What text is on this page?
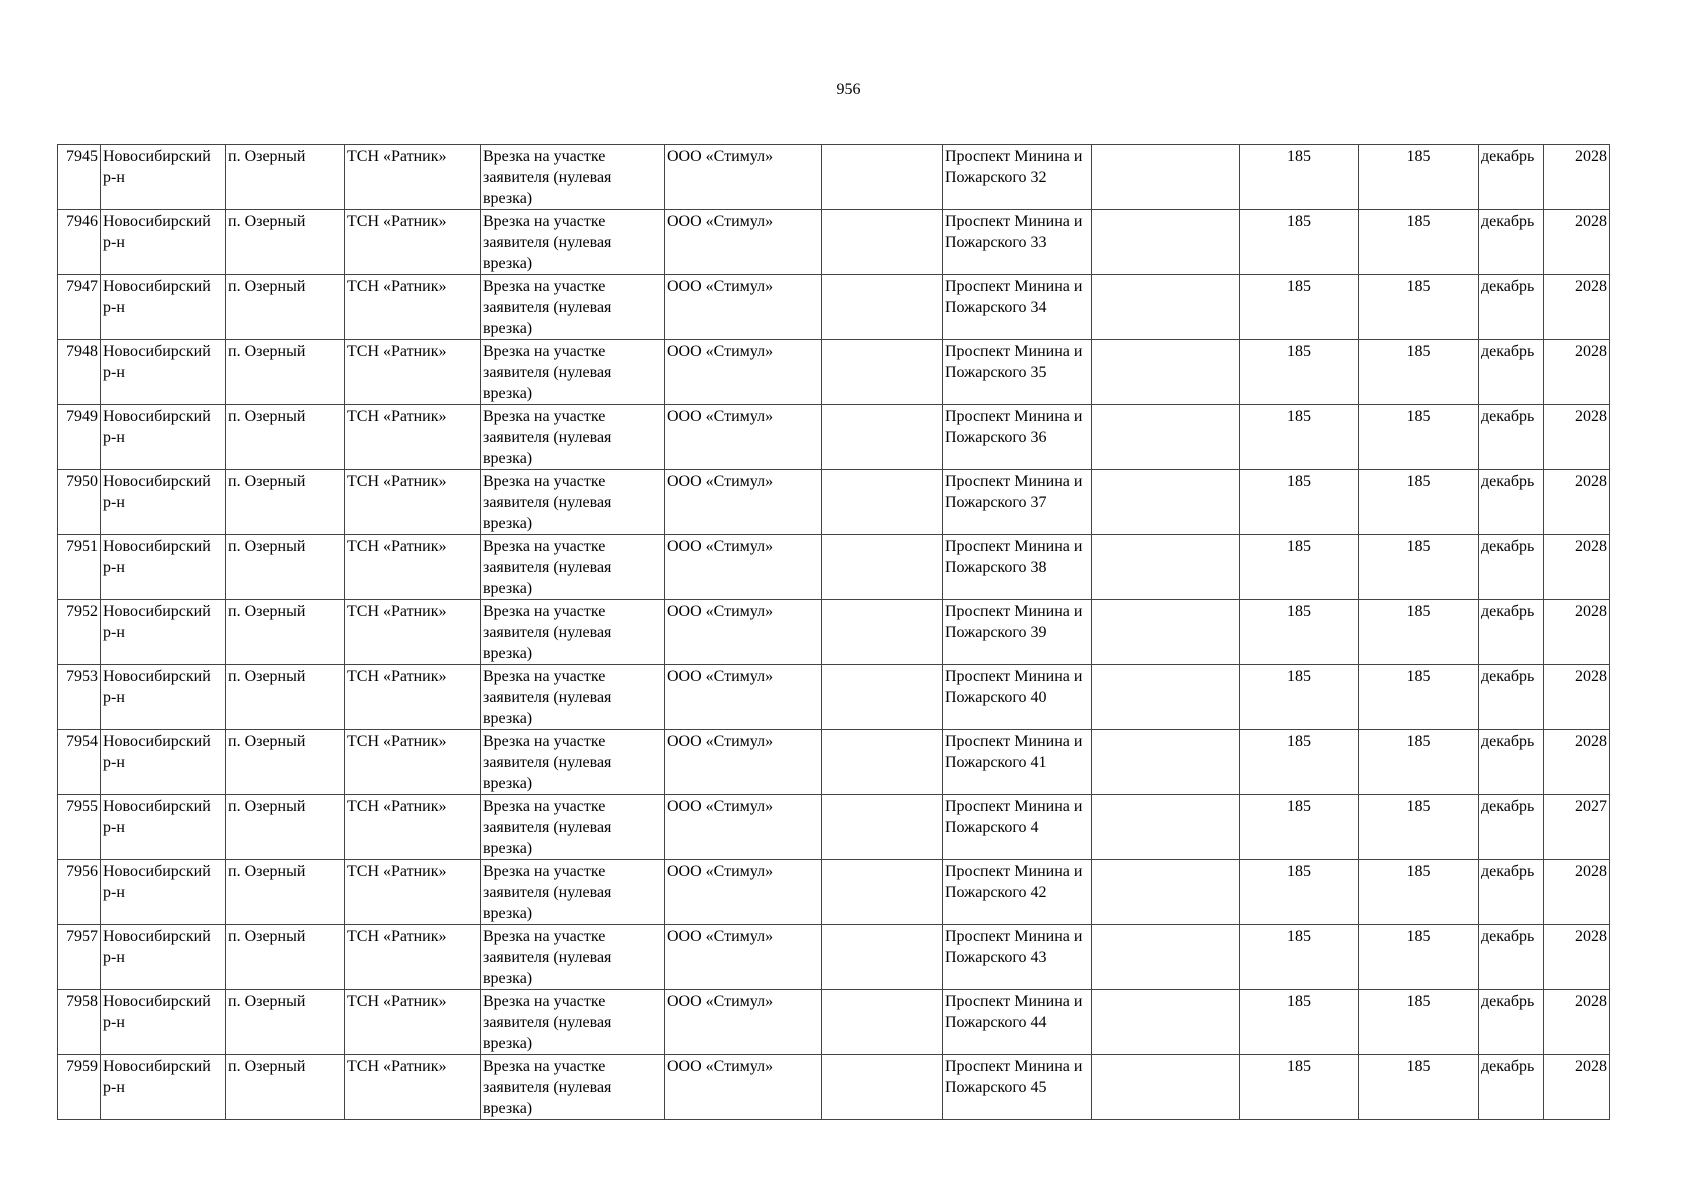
956
7945	Новосибирский р-н	п. Озерный	ТСН «Ратник»	Врезка на участке заявителя (нулевая врезка)	ООО «Стимул»		Проспект Минина и Пожарского 32		185	185	декабрь	2028
7946	Новосибирский р-н	п. Озерный	ТСН «Ратник»	Врезка на участке заявителя (нулевая врезка)	ООО «Стимул»		Проспект Минина и Пожарского 33		185	185	декабрь	2028
7947	Новосибирский р-н	п. Озерный	ТСН «Ратник»	Врезка на участке заявителя (нулевая врезка)	ООО «Стимул»		Проспект Минина и Пожарского 34		185	185	декабрь	2028
7948	Новосибирский р-н	п. Озерный	ТСН «Ратник»	Врезка на участке заявителя (нулевая врезка)	ООО «Стимул»		Проспект Минина и Пожарского 35		185	185	декабрь	2028
7949	Новосибирский р-н	п. Озерный	ТСН «Ратник»	Врезка на участке заявителя (нулевая врезка)	ООО «Стимул»		Проспект Минина и Пожарского 36		185	185	декабрь	2028
7950	Новосибирский р-н	п. Озерный	ТСН «Ратник»	Врезка на участке заявителя (нулевая врезка)	ООО «Стимул»		Проспект Минина и Пожарского 37		185	185	декабрь	2028
7951	Новосибирский р-н	п. Озерный	ТСН «Ратник»	Врезка на участке заявителя (нулевая врезка)	ООО «Стимул»		Проспект Минина и Пожарского 38		185	185	декабрь	2028
7952	Новосибирский р-н	п. Озерный	ТСН «Ратник»	Врезка на участке заявителя (нулевая врезка)	ООО «Стимул»		Проспект Минина и Пожарского 39		185	185	декабрь	2028
7953	Новосибирский р-н	п. Озерный	ТСН «Ратник»	Врезка на участке заявителя (нулевая врезка)	ООО «Стимул»		Проспект Минина и Пожарского 40		185	185	декабрь	2028
7954	Новосибирский р-н	п. Озерный	ТСН «Ратник»	Врезка на участке заявителя (нулевая врезка)	ООО «Стимул»		Проспект Минина и Пожарского 41		185	185	декабрь	2028
7955	Новосибирский р-н	п. Озерный	ТСН «Ратник»	Врезка на участке заявителя (нулевая врезка)	ООО «Стимул»		Проспект Минина и Пожарского 4		185	185	декабрь	2027
7956	Новосибирский р-н	п. Озерный	ТСН «Ратник»	Врезка на участке заявителя (нулевая врезка)	ООО «Стимул»		Проспект Минина и Пожарского 42		185	185	декабрь	2028
7957	Новосибирский р-н	п. Озерный	ТСН «Ратник»	Врезка на участке заявителя (нулевая врезка)	ООО «Стимул»		Проспект Минина и Пожарского 43		185	185	декабрь	2028
7958	Новосибирский р-н	п. Озерный	ТСН «Ратник»	Врезка на участке заявителя (нулевая врезка)	ООО «Стимул»		Проспект Минина и Пожарского 44		185	185	декабрь	2028
7959	Новосибирский р-н	п. Озерный	ТСН «Ратник»	Врезка на участке заявителя (нулевая врезка)	ООО «Стимул»		Проспект Минина и Пожарского 45		185	185	декабрь	2028
